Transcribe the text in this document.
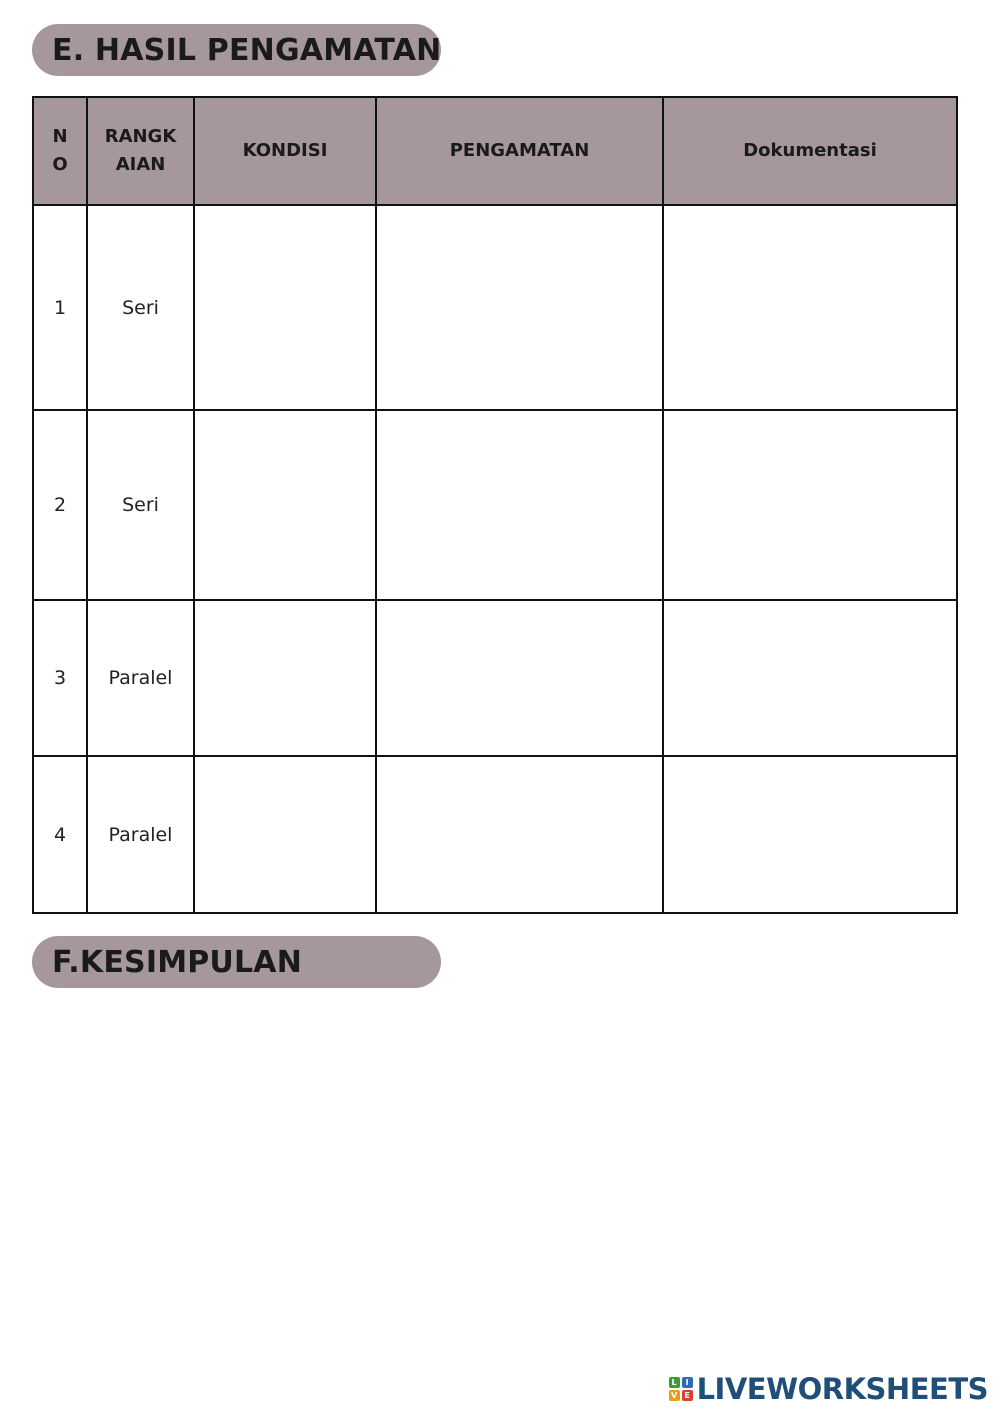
E. HASIL PENGAMATAN
NO	RANGKAIAN	KONDISI	PENGAMATAN	Dokumentasi
1	Seri			
2	Seri			
3	Paralel			
4	Paralel			
F.KESIMPULAN
L	I
V E LIVEWORKSHEETS
